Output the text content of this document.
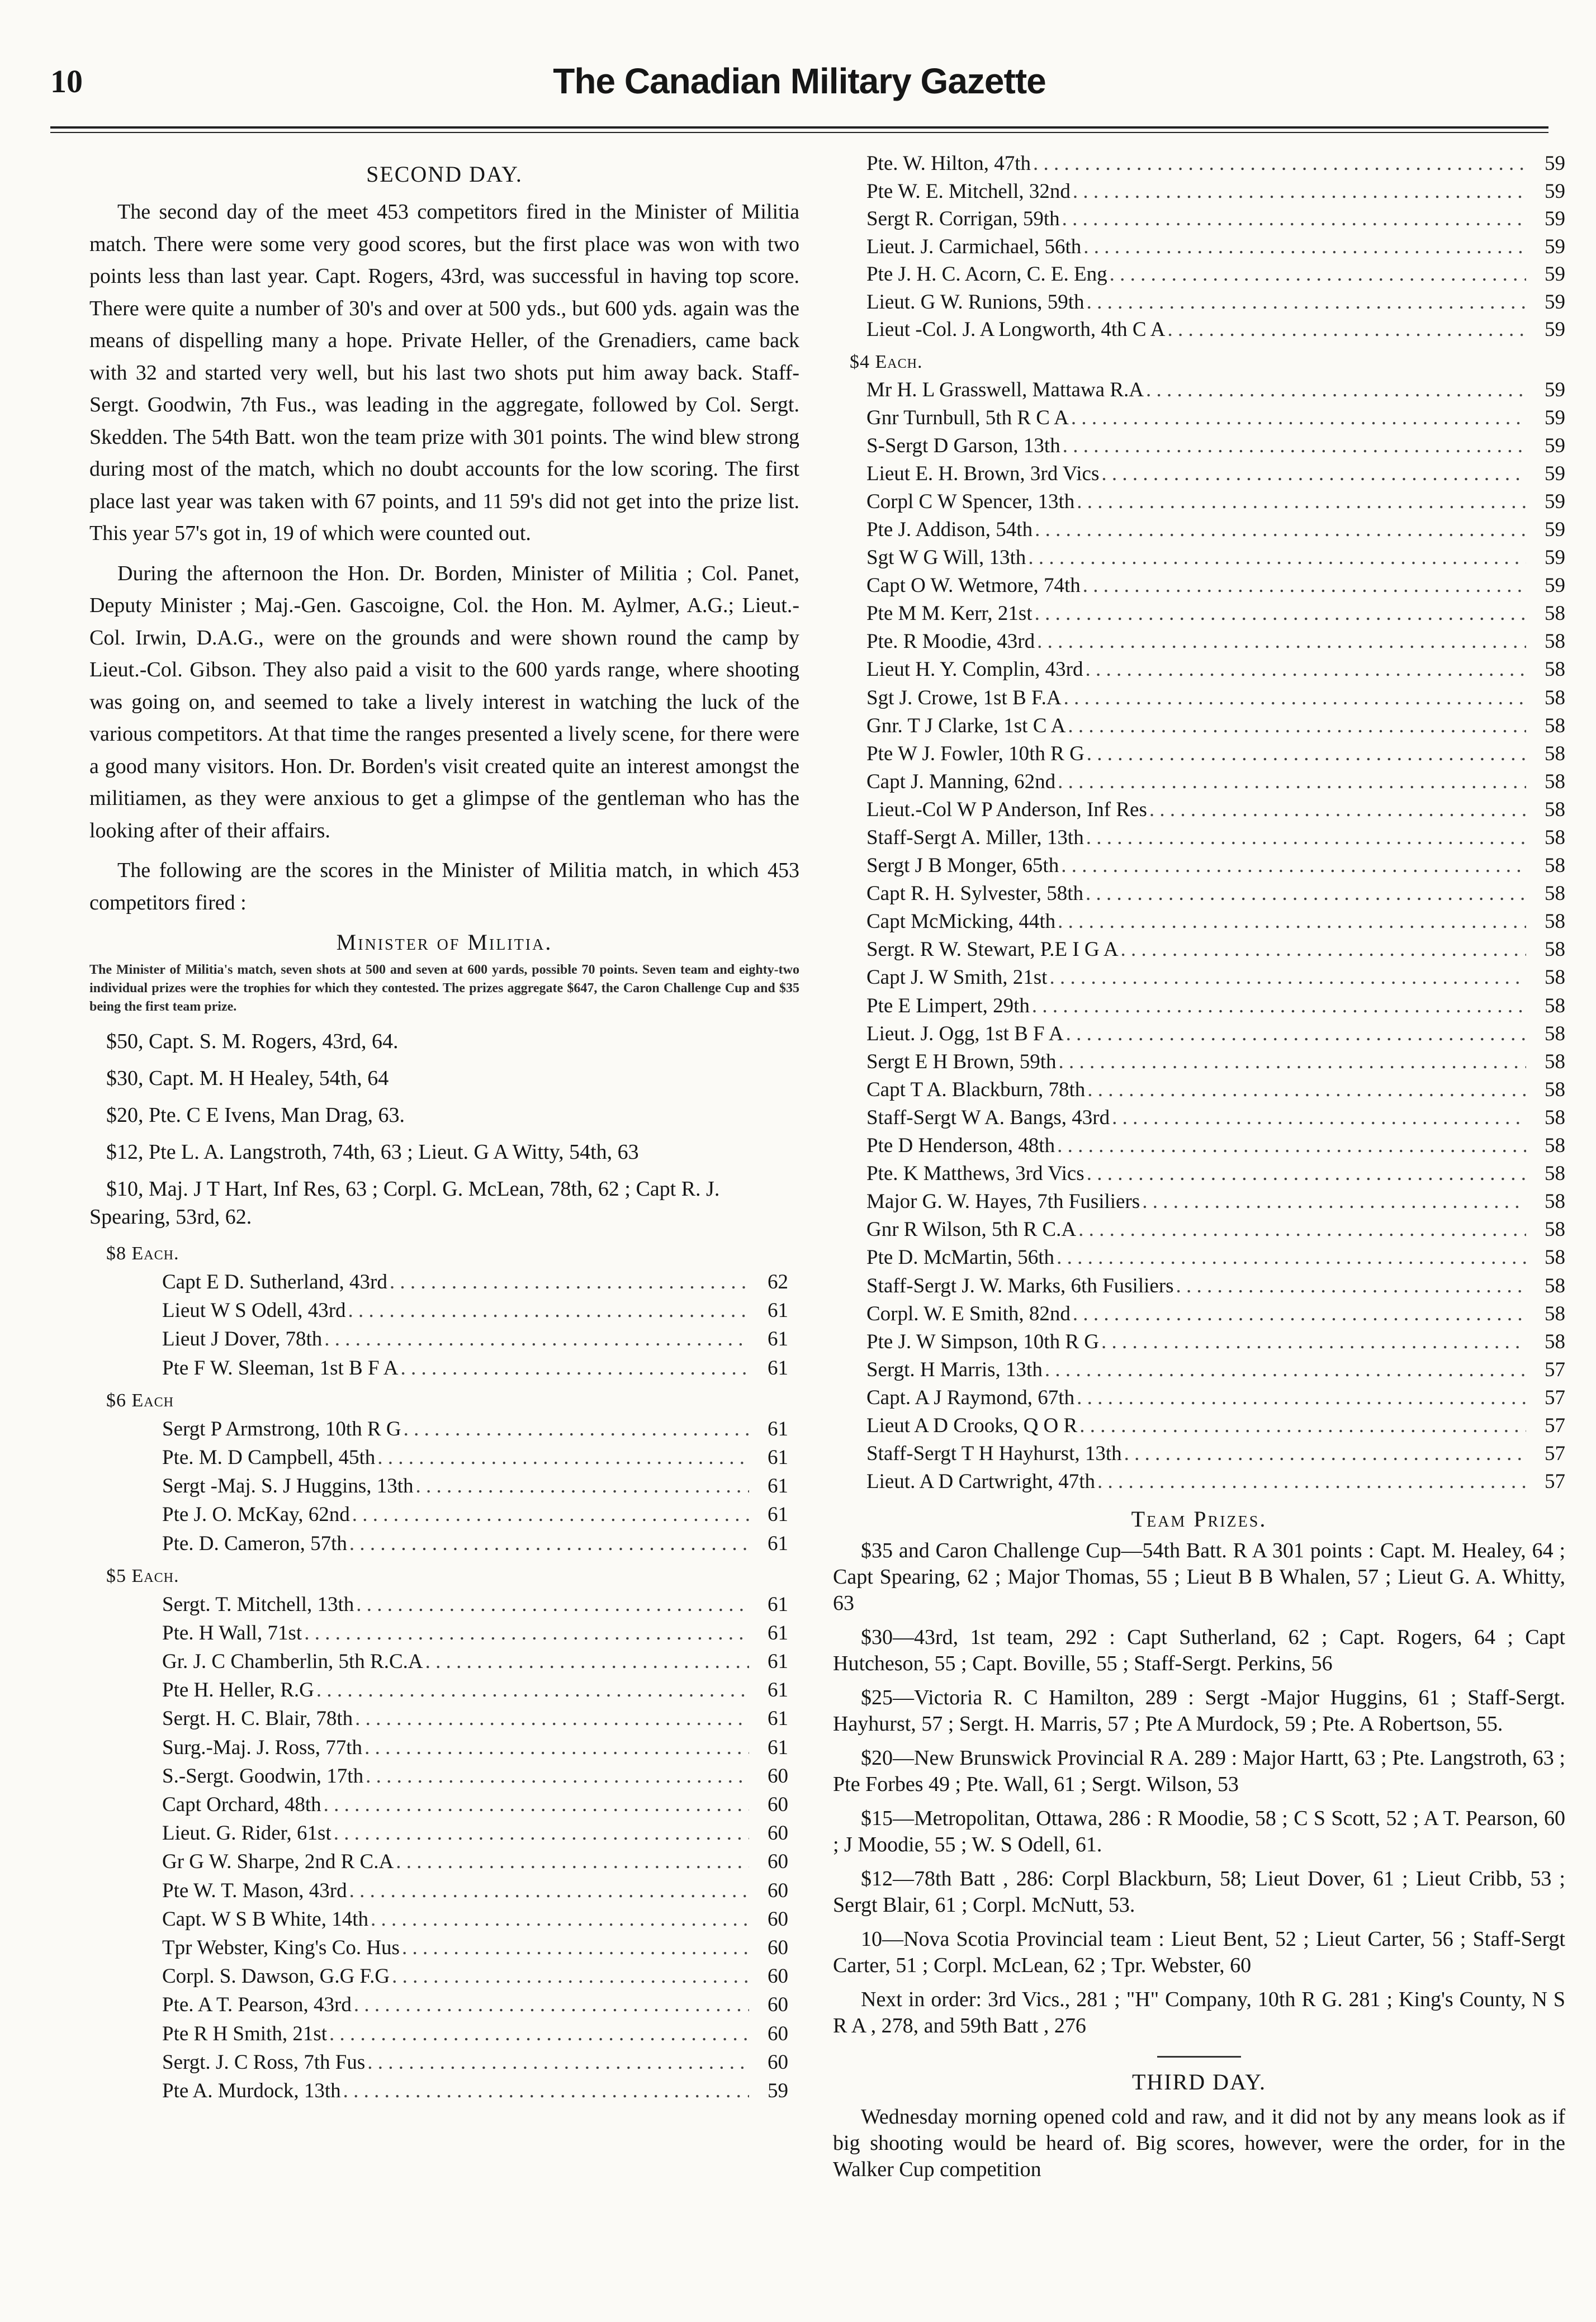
10	The Canadian Military Gazette
SECOND DAY.

The second day of the meet 453 competitors fired in the Minister of Militia match. There were some very good scores, but the first place was won with two points less than last year. Capt. Rogers, 43rd, was successful in having top score. There were quite a number of 30's and over at 500 yds., but 600 yds. again was the means of dispelling many a hope. Private Heller, of the Grenadiers, came back with 32 and started very well, but his last two shots put him away back. Staff-Sergt. Goodwin, 7th Fus., was leading in the aggregate, followed by Col. Sergt. Skedden. The 54th Batt. won the team prize with 301 points. The wind blew strong during most of the match, which no doubt accounts for the low scoring. The first place last year was taken with 67 points, and 11 59's did not get into the prize list. This year 57's got in, 19 of which were counted out.

During the afternoon the Hon. Dr. Borden, Minister of Militia ; Col. Panet, Deputy Minister ; Maj.-Gen. Gascoigne, Col. the Hon. M. Aylmer, A.G.; Lieut.-Col. Irwin, D.A.G., were on the grounds and were shown round the camp by Lieut.-Col. Gibson. They also paid a visit to the 600 yards range, where shooting was going on, and seemed to take a lively interest in watching the luck of the various competitors. At that time the ranges presented a lively scene, for there were a good many visitors. Hon. Dr. Borden's visit created quite an interest amongst the militiamen, as they were anxious to get a glimpse of the gentleman who has the looking after of their affairs.

The following are the scores in the Minister of Militia match, in which 453 competitors fired :

Minister of Militia.

The Minister of Militia's match, seven shots at 500 and seven at 600 yards, possible 70 points. Seven team and eighty-two individual prizes were the trophies for which they contested. The prizes aggregate $647, the Caron Challenge Cup and $35 being the first team prize.

$50, Capt. S. M. Rogers, 43rd, 64.

$30, Capt. M. H Healey, 54th, 64

$20, Pte. C E Ivens, Man Drag, 63.

$12, Pte L. A. Langstroth, 74th, 63 ; Lieut. G A Witty, 54th, 63

$10, Maj. J T Hart, Inf Res, 63 ; Corpl. G. McLean, 78th, 62 ; Capt R. J. Spearing, 53rd, 62.

$8 Each.
Capt E D. Sutherland, 43rd . . .	62
Lieut W S Odell, 43rd . . .	61
Lieut J Dover, 78th . . .	61
Pte F W. Sleeman, 1st B F A . . .	61
$6 Each
Sergt P Armstrong, 10th R G . . .	61
Pte. M. D Campbell, 45th . . .	61
Sergt -Maj. S. J Huggins, 13th . . .	61
Pte J. O. McKay, 62nd . . .	61
Pte. D. Cameron, 57th . . .	61
$5 Each.
Sergt. T. Mitchell, 13th . . .	61
Pte. H Wall, 71st . . .	61
Gr. J. C Chamberlin, 5th R.C.A . . .	61
Pte H. Heller, R.G . . .	61
Sergt. H. C. Blair, 78th . . .	61
Surg.-Maj. J. Ross, 77th . . .	61
S.-Sergt. Goodwin, 17th . . .	60
Capt Orchard, 48th . . .	60
Lieut. G. Rider, 61st . . .	60
Gr G W. Sharpe, 2nd R C.A . . .	60
Pte W. T. Mason, 43rd . . .	60
Capt. W S B White, 14th . . .	60
Tpr Webster, King's Co. Hus . . .	60
Corpl. S. Dawson, G.G F.G . . .	60
Pte. A T. Pearson, 43rd . . .	60
Pte R H Smith, 21st . . .	60
Sergt. J. C Ross, 7th Fus . . .	60
Pte A. Murdock, 13th . . .	59
Pte. W. Hilton, 47th . . .	59
Pte W. E. Mitchell, 32nd . . .	59
Sergt R. Corrigan, 59th . . .	59
Lieut. J. Carmichael, 56th . . .	59
Pte J. H. C. Acorn, C. E. Eng . . .	59
Lieut. G W. Runions, 59th . . .	59
Lieut -Col. J. A Longworth, 4th C A . . .	59
$4 Each.
Mr H. L Grasswell, Mattawa R.A . . .	59
Gnr Turnbull, 5th R C A . . .	59
S-Sergt D Garson, 13th . . .	59
Lieut E. H. Brown, 3rd Vics . . .	59
Corpl C W Spencer, 13th . . .	59
Pte J. Addison, 54th . . .	59
Sgt W G Will, 13th . . .	59
Capt O W. Wetmore, 74th . . .	59
Pte M M. Kerr, 21st . . .	58
Pte. R Moodie, 43rd . . .	58
Lieut H. Y. Complin, 43rd . . .	58
Sgt J. Crowe, 1st B F.A . . .	58
Gnr. T J Clarke, 1st C A . . .	58
Pte W J. Fowler, 10th R G . . .	58
Capt J. Manning, 62nd . . .	58
Lieut.-Col W P Anderson, Inf Res . . .	58
Staff-Sergt A. Miller, 13th . . .	58
Sergt J B Monger, 65th . . .	58
Capt R. H. Sylvester, 58th . . .	58
Capt McMicking, 44th . . .	58
Sergt. R W. Stewart, P.E I G A . . .	58
Capt J. W Smith, 21st . . .	58
Pte E Limpert, 29th . . .	58
Lieut. J. Ogg, 1st B F A . . .	58
Sergt E H Brown, 59th . . .	58
Capt T A. Blackburn, 78th . . .	58
Staff-Sergt W A. Bangs, 43rd . . .	58
Pte D Henderson, 48th . . .	58
Pte. K Matthews, 3rd Vics . . .	58
Major G. W. Hayes, 7th Fusiliers . . .	58
Gnr R Wilson, 5th R C.A . . .	58
Pte D. McMartin, 56th . . .	58
Staff-Sergt J. W. Marks, 6th Fusiliers . . .	58
Corpl. W. E Smith, 82nd . . .	58
Pte J. W Simpson, 10th R G . . .	58
Sergt. H Marris, 13th . . .	57
Capt. A J Raymond, 67th . . .	57
Lieut A D Crooks, Q O R . . .	57
Staff-Sergt T H Hayhurst, 13th . . .	57
Lieut. A D Cartwright, 47th . . .	57
Team Prizes.

$35 and Caron Challenge Cup—54th Batt. R A 301 points : Capt. M. Healey, 64 ; Capt Spearing, 62 ; Major Thomas, 55 ; Lieut B B Whalen, 57 ; Lieut G. A. Whitty, 63

$30—43rd, 1st team, 292 : Capt Sutherland, 62 ; Capt. Rogers, 64 ; Capt Hutcheson, 55 ; Capt. Boville, 55 ; Staff-Sergt. Perkins, 56

$25—Victoria R. C Hamilton, 289 : Sergt -Major Huggins, 61 ; Staff-Sergt. Hayhurst, 57 ; Sergt. H. Marris, 57 ; Pte A Murdock, 59 ; Pte. A Robertson, 55.

$20—New Brunswick Provincial R A. 289 : Major Hartt, 63 ; Pte. Langstroth, 63 ; Pte Forbes 49 ; Pte. Wall, 61 ; Sergt. Wilson, 53

$15—Metropolitan, Ottawa, 286 : R Moodie, 58 ; C S Scott, 52 ; A T. Pearson, 60 ; J Moodie, 55 ; W. S Odell, 61.

$12—78th Batt , 286: Corpl Blackburn, 58; Lieut Dover, 61 ; Lieut Cribb, 53 ; Sergt Blair, 61 ; Corpl. McNutt, 53.

10—Nova Scotia Provincial team : Lieut Bent, 52 ; Lieut Carter, 56 ; Staff-Sergt Carter, 51 ; Corpl. McLean, 62 ; Tpr. Webster, 60

Next in order: 3rd Vics., 281 ; "H" Company, 10th R G. 281 ; King's County, N S R A , 278, and 59th Batt , 276

THIRD DAY.

Wednesday morning opened cold and raw, and it did not by any means look as if big shooting would be heard of. Big scores, however, were the order, for in the Walker Cup competition
